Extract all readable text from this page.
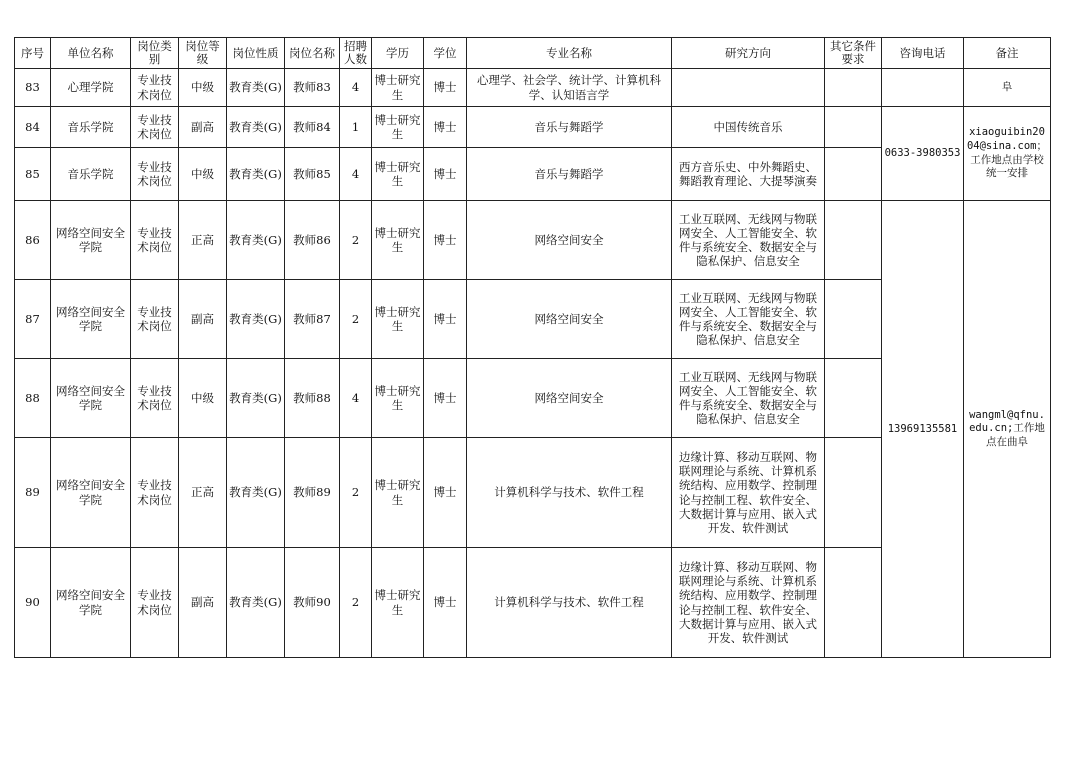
序号	单位名称	岗位类别	岗位等级	岗位性质	岗位名称	招聘人数	学历	学位	专业名称	研究方向	其它条件要求	咨询电话	备注
83	心理学院	专业技术岗位	中级	教育类(G)	教师83	4	博士研究生	博士	心理学、社会学、统计学、计算机科学、认知语言学				阜
84	音乐学院	专业技术岗位	副高	教育类(G)	教师84	1	博士研究生	博士	音乐与舞蹈学	中国传统音乐		0633-3980353	xiaoguibin2004@sina.com；工作地点由学校统一安排
85	音乐学院	专业技术岗位	中级	教育类(G)	教师85	4	博士研究生	博士	音乐与舞蹈学	西方音乐史、中外舞蹈史、舞蹈教育理论、大提琴演奏			
86	网络空间安全学院	专业技术岗位	正高	教育类(G)	教师86	2	博士研究生	博士	网络空间安全	工业互联网、无线网与物联网安全、人工智能安全、软件与系统安全、数据安全与隐私保护、信息安全		13969135581	wangml@qfnu.edu.cn;工作地点在曲阜
87	网络空间安全学院	专业技术岗位	副高	教育类(G)	教师87	2	博士研究生	博士	网络空间安全	工业互联网、无线网与物联网安全、人工智能安全、软件与系统安全、数据安全与隐私保护、信息安全			
88	网络空间安全学院	专业技术岗位	中级	教育类(G)	教师88	4	博士研究生	博士	网络空间安全	工业互联网、无线网与物联网安全、人工智能安全、软件与系统安全、数据安全与隐私保护、信息安全			
89	网络空间安全学院	专业技术岗位	正高	教育类(G)	教师89	2	博士研究生	博士	计算机科学与技术、软件工程	边缘计算、移动互联网、物联网理论与系统、计算机系统结构、应用数学、控制理论与控制工程、软件安全、大数据计算与应用、嵌入式开发、软件测试			
90	网络空间安全学院	专业技术岗位	副高	教育类(G)	教师90	2	博士研究生	博士	计算机科学与技术、软件工程	边缘计算、移动互联网、物联网理论与系统、计算机系统结构、应用数学、控制理论与控制工程、软件安全、大数据计算与应用、嵌入式开发、软件测试			
